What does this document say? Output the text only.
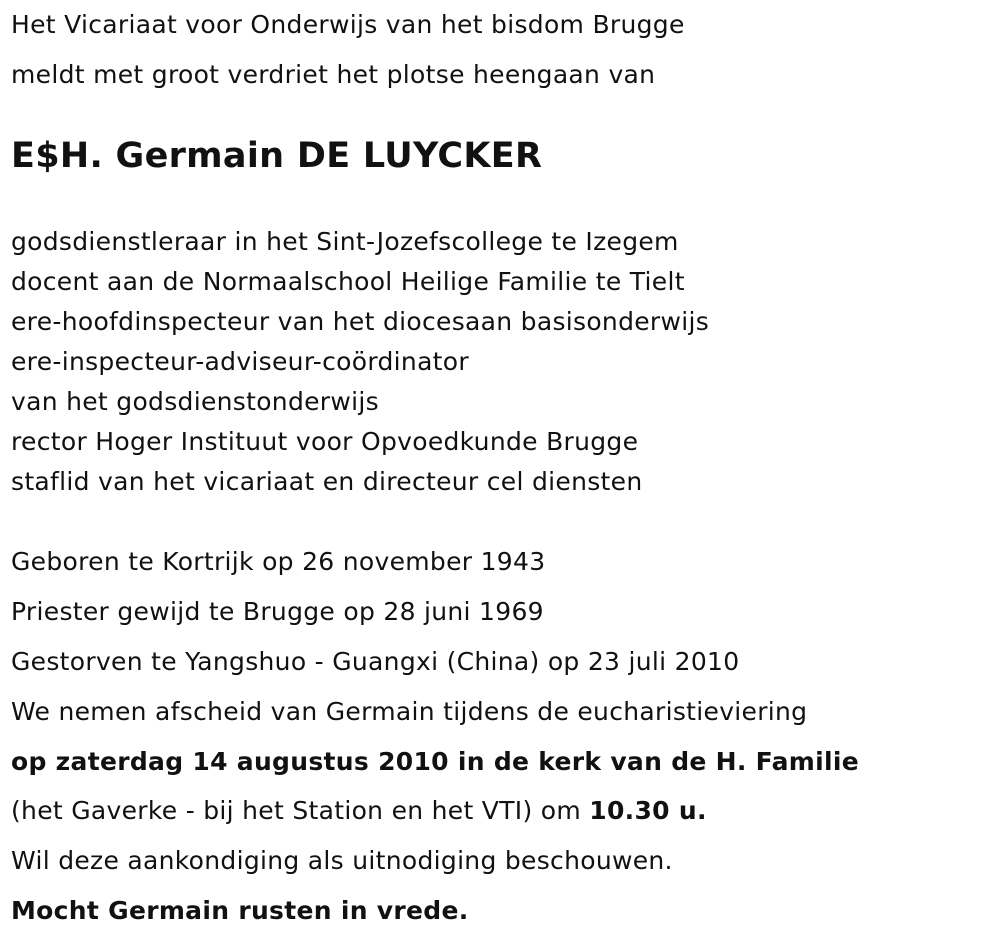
Het Vicariaat voor Onderwijs van het bisdom Brugge
meldt met groot verdriet het plotse heengaan van
E$H. Germain DE LUYCKER
godsdienstleraar in het Sint-Jozefscollege te Izegem
docent aan de Normaalschool Heilige Familie te Tielt
ere-hoofdinspecteur van het diocesaan basisonderwijs
ere-inspecteur-adviseur-coördinator
van het godsdienstonderwijs
rector Hoger Instituut voor Opvoedkunde Brugge
staflid van het vicariaat en directeur cel diensten
Geboren te Kortrijk op 26 november 1943
Priester gewijd te Brugge op 28 juni 1969
Gestorven te Yangshuo - Guangxi (China) op 23 juli 2010
We nemen afscheid van Germain tijdens de eucharistieviering
op zaterdag 14 augustus 2010 in de kerk van de H. Familie
(het Gaverke - bij het Station en het VTI) om 10.30 u.
Wil deze aankondiging als uitnodiging beschouwen.
Mocht Germain rusten in vrede.
